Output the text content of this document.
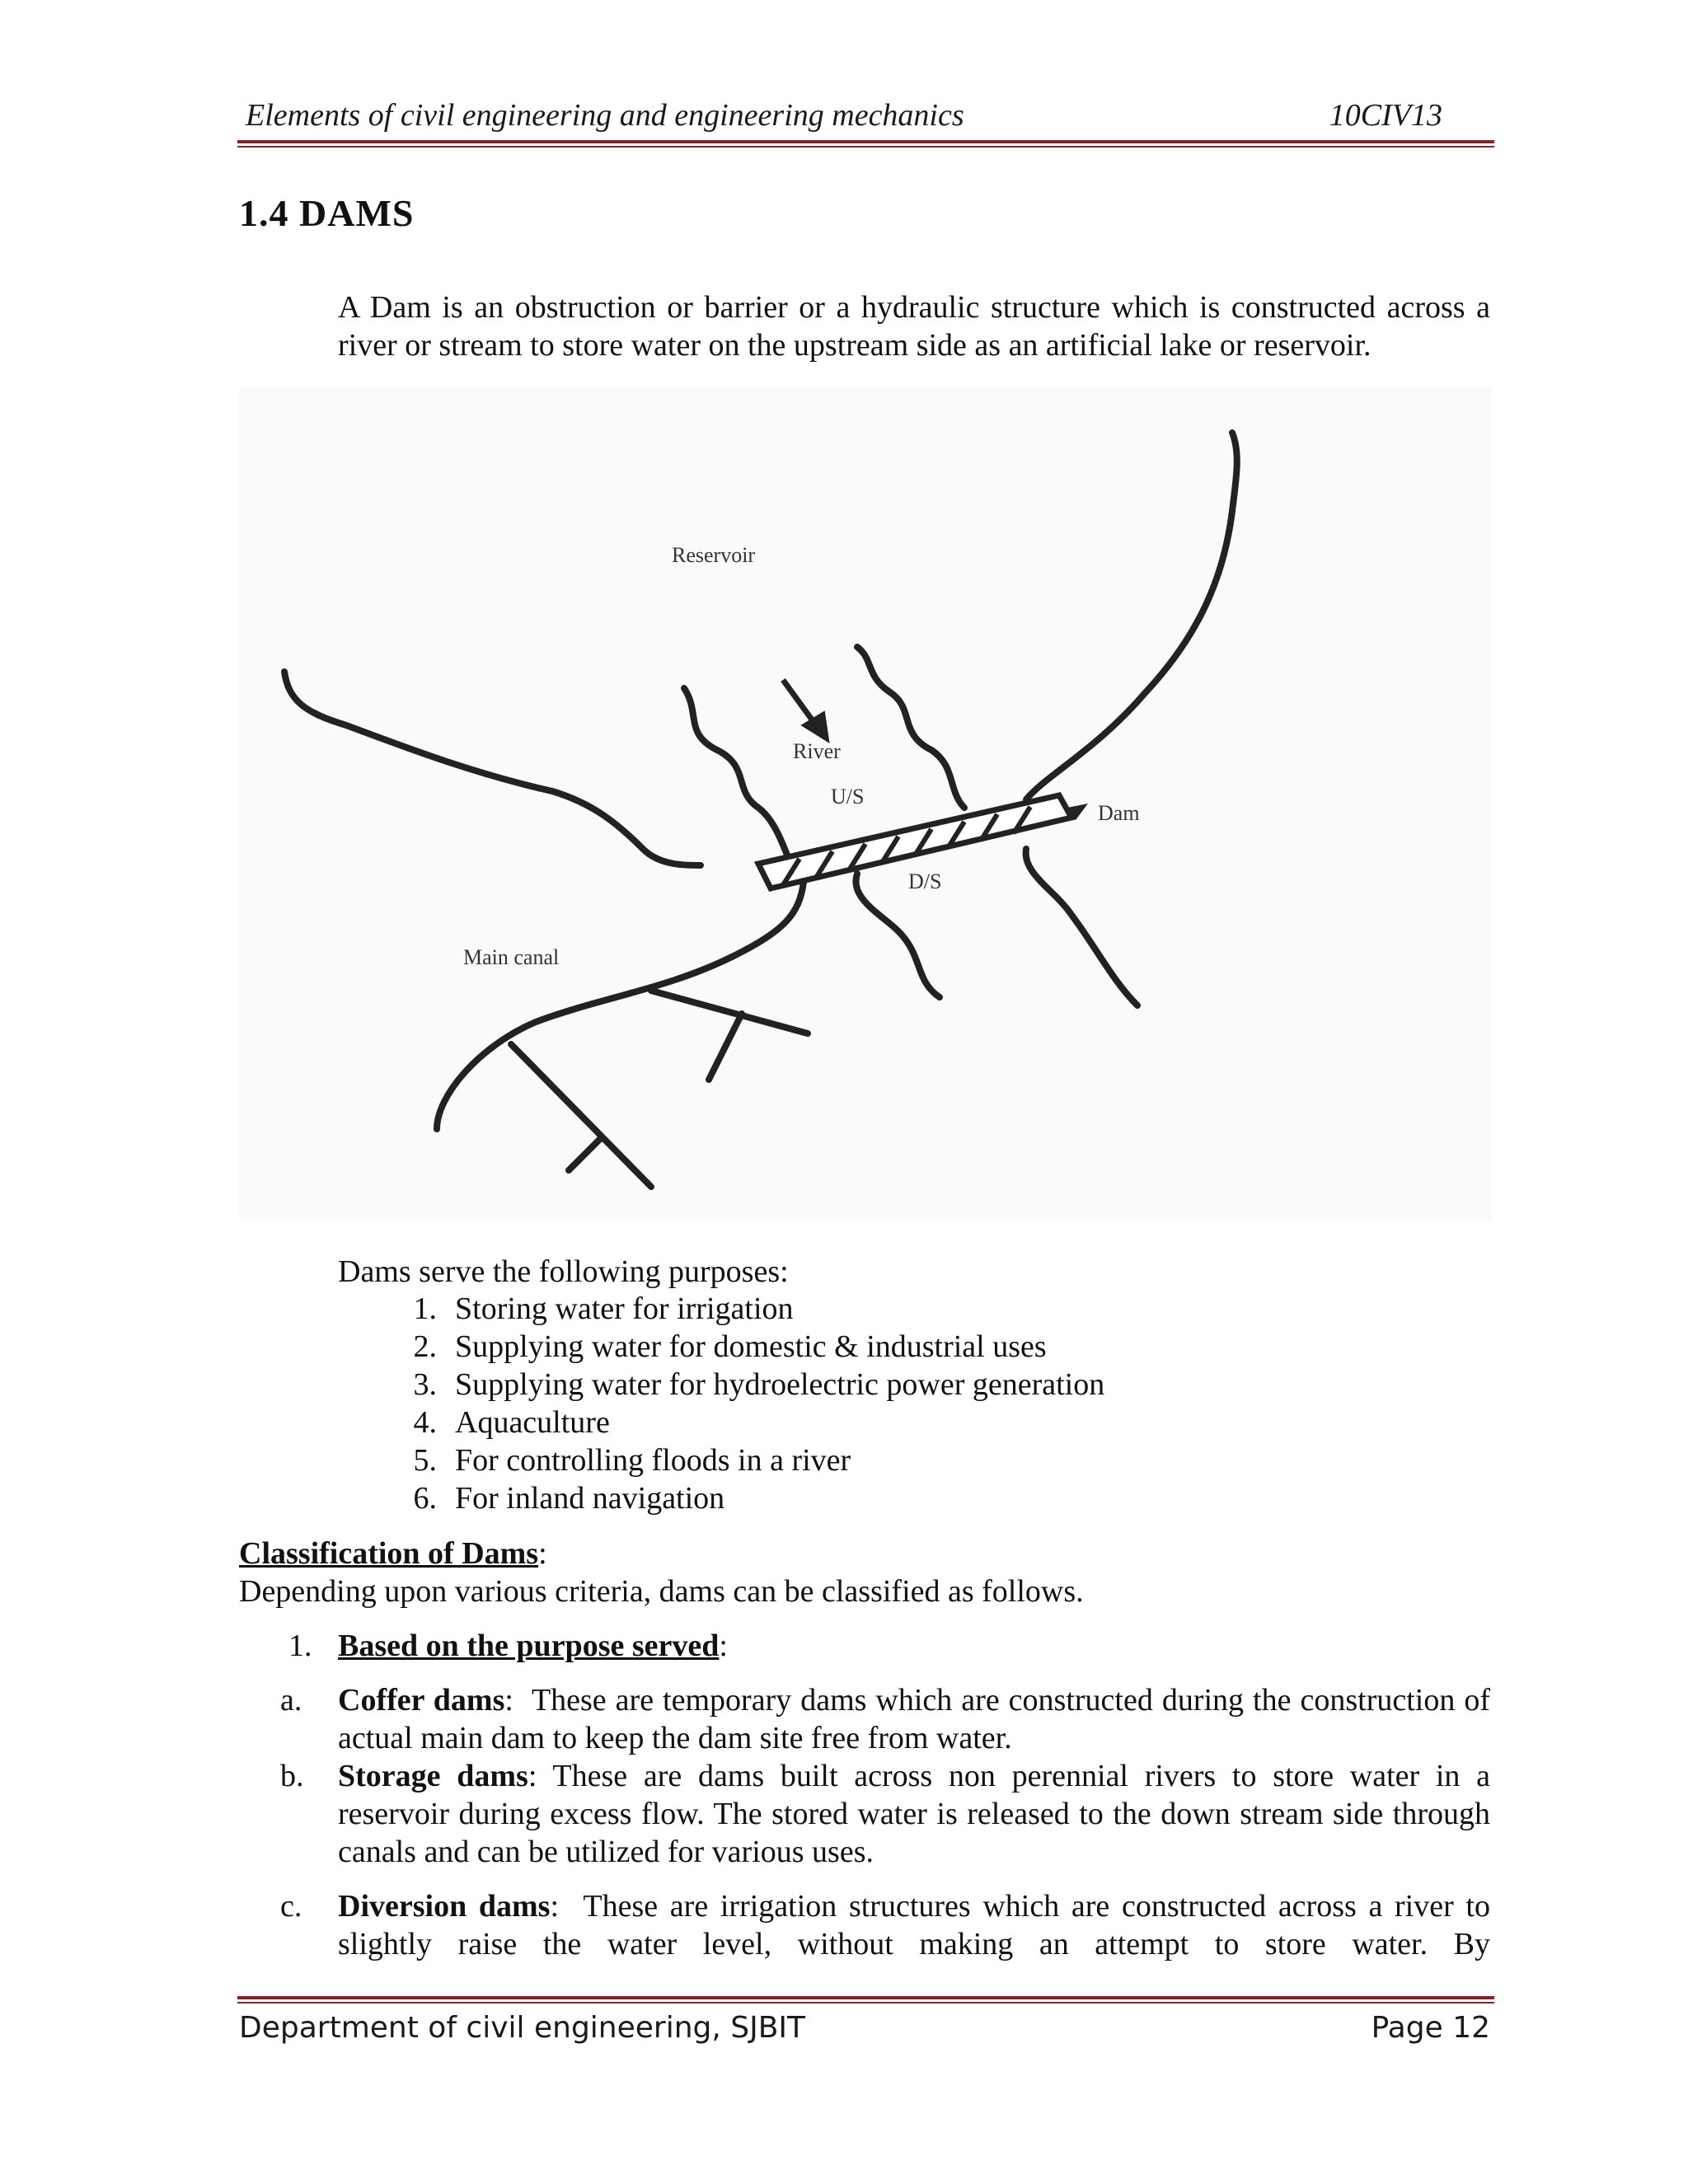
Elements of civil engineering and engineering mechanics	10CIV13
1.4 DAMS
A Dam is an obstruction or barrier or a hydraulic structure which is constructed across a river or stream to store water on the upstream side as an artificial lake or reservoir.
Reservoir
River
U/S
Dam
D/S
Main canal
Dams serve the following purposes:
1. Storing water for irrigation
2. Supplying water for domestic & industrial uses
3. Supplying water for hydroelectric power generation
4. Aquaculture
5. For controlling floods in a river
6. For inland navigation
Classification of Dams:
Depending upon various criteria, dams can be classified as follows.
1. Based on the purpose served:
a.	Coffer dams:  These are temporary dams which are constructed during the construction of actual main dam to keep the dam site free from water.
b.	Storage dams: These are dams built across non perennial rivers to store water in a reservoir during excess flow. The stored water is released to the down stream side through canals and can be utilized for various uses.
c.	Diversion dams:  These are irrigation structures which are constructed across a river to slightly raise the water level, without making an attempt to store water. By
Department of civil engineering, SJBIT	Page 12
